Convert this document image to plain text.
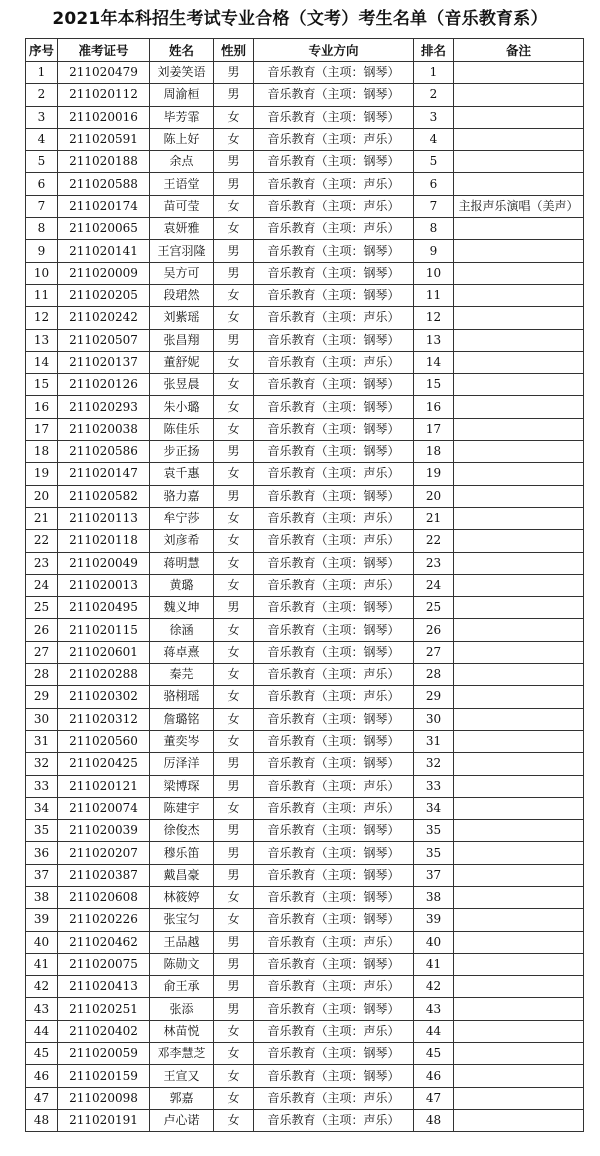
2021年本科招生考试专业合格（文考）考生名单（音乐教育系）
序号	准考证号	姓名	性别	专业方向	排名	备注
1	211020479	刘姜笑语	男	音乐教育（主项：钢琴）	1	
2	211020112	周渝桓	男	音乐教育（主项：钢琴）	2	
3	211020016	毕芳霏	女	音乐教育（主项：钢琴）	3	
4	211020591	陈上好	女	音乐教育（主项：声乐）	4	
5	211020188	余点	男	音乐教育（主项：钢琴）	5	
6	211020588	王语堂	男	音乐教育（主项：声乐）	6	
7	211020174	苗可莹	女	音乐教育（主项：声乐）	7	主报声乐演唱（美声）
8	211020065	袁妍雅	女	音乐教育（主项：声乐）	8	
9	211020141	王宫羽隆	男	音乐教育（主项：钢琴）	9	
10	211020009	吴方可	男	音乐教育（主项：钢琴）	10	
11	211020205	段珺然	女	音乐教育（主项：钢琴）	11	
12	211020242	刘紫瑶	女	音乐教育（主项：声乐）	12	
13	211020507	张昌翔	男	音乐教育（主项：钢琴）	13	
14	211020137	董舒妮	女	音乐教育（主项：声乐）	14	
15	211020126	张昱晨	女	音乐教育（主项：钢琴）	15	
16	211020293	朱小璐	女	音乐教育（主项：钢琴）	16	
17	211020038	陈佳乐	女	音乐教育（主项：钢琴）	17	
18	211020586	步正扬	男	音乐教育（主项：钢琴）	18	
19	211020147	袁千惠	女	音乐教育（主项：声乐）	19	
20	211020582	骆力嘉	男	音乐教育（主项：钢琴）	20	
21	211020113	牟宁莎	女	音乐教育（主项：声乐）	21	
22	211020118	刘彦希	女	音乐教育（主项：声乐）	22	
23	211020049	蒋明慧	女	音乐教育（主项：钢琴）	23	
24	211020013	黄璐	女	音乐教育（主项：声乐）	24	
25	211020495	魏义坤	男	音乐教育（主项：钢琴）	25	
26	211020115	徐涵	女	音乐教育（主项：钢琴）	26	
27	211020601	蒋卓熹	女	音乐教育（主项：钢琴）	27	
28	211020288	秦芫	女	音乐教育（主项：声乐）	28	
29	211020302	骆栩瑶	女	音乐教育（主项：声乐）	29	
30	211020312	詹璐铭	女	音乐教育（主项：钢琴）	30	
31	211020560	董奕岑	女	音乐教育（主项：钢琴）	31	
32	211020425	厉泽洋	男	音乐教育（主项：钢琴）	32	
33	211020121	梁博琛	男	音乐教育（主项：声乐）	33	
34	211020074	陈建宇	女	音乐教育（主项：声乐）	34	
35	211020039	徐俊杰	男	音乐教育（主项：钢琴）	35	
36	211020207	穆乐笛	男	音乐教育（主项：钢琴）	35	
37	211020387	戴昌豪	男	音乐教育（主项：钢琴）	37	
38	211020608	林筱婷	女	音乐教育（主项：钢琴）	38	
39	211020226	张宝匀	女	音乐教育（主项：钢琴）	39	
40	211020462	王品越	男	音乐教育（主项：声乐）	40	
41	211020075	陈勋文	男	音乐教育（主项：钢琴）	41	
42	211020413	俞王承	男	音乐教育（主项：声乐）	42	
43	211020251	张添	男	音乐教育（主项：钢琴）	43	
44	211020402	林苗悦	女	音乐教育（主项：声乐）	44	
45	211020059	邓李慧芝	女	音乐教育（主项：钢琴）	45	
46	211020159	王宣又	女	音乐教育（主项：钢琴）	46	
47	211020098	郭嘉	女	音乐教育（主项：声乐）	47	
48	211020191	卢心诺	女	音乐教育（主项：声乐）	48	
